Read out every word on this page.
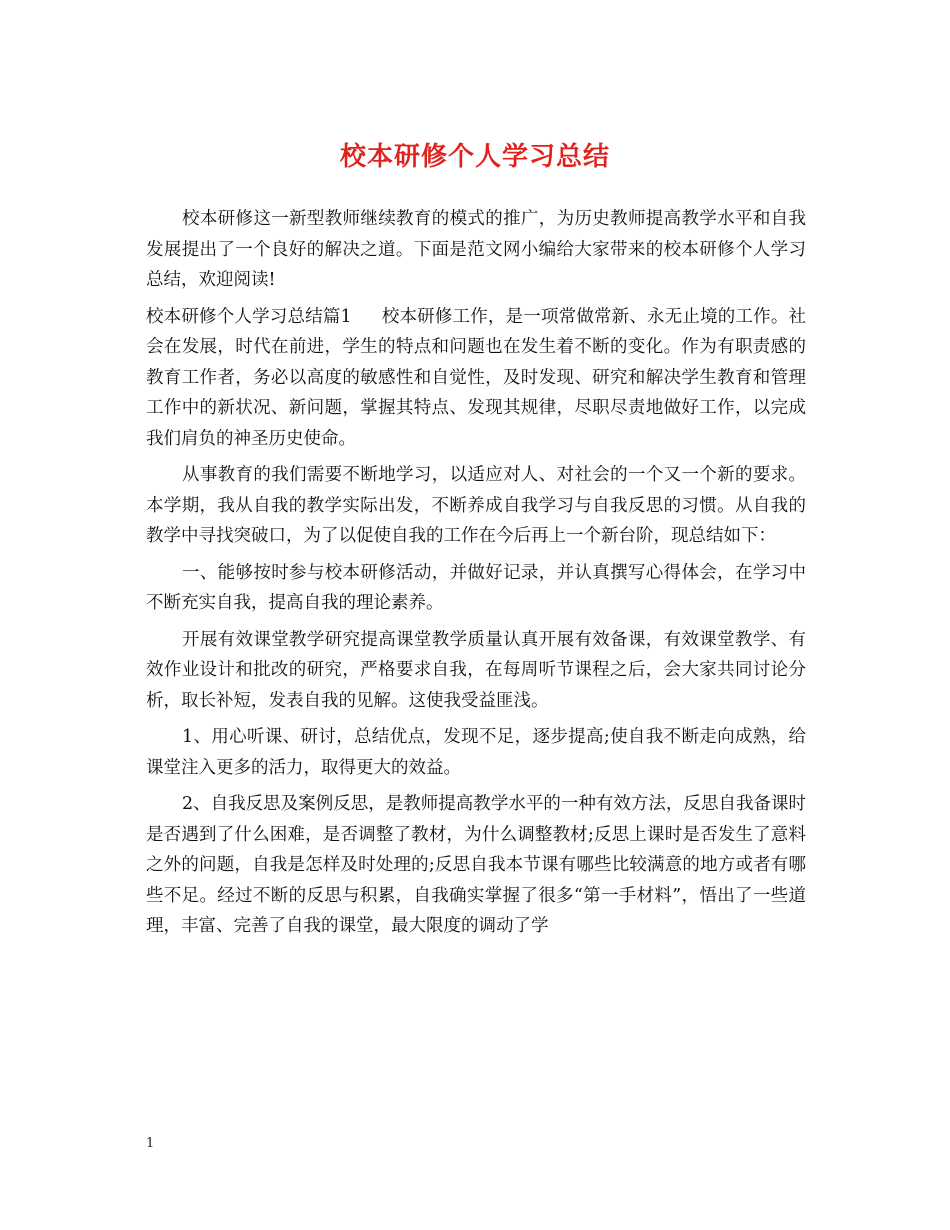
校本研修个人学习总结

校本研修这一新型教师继续教育的模式的推广，为历史教师提高教学水平和自我发展提出了一个良好的解决之道。下面是范文网小编给大家带来的校本研修个人学习总结，欢迎阅读!

校本研修个人学习总结篇1 校本研修工作，是一项常做常新、永无止境的工作。社会在发展，时代在前进，学生的特点和问题也在发生着不断的变化。作为有职责感的教育工作者，务必以高度的敏感性和自觉性，及时发现、研究和解决学生教育和管理工作中的新状况、新问题，掌握其特点、发现其规律，尽职尽责地做好工作，以完成我们肩负的神圣历史使命。

从事教育的我们需要不断地学习，以适应对人、对社会的一个又一个新的要求。本学期，我从自我的教学实际出发，不断养成自我学习与自我反思的习惯。从自我的教学中寻找突破口，为了以促使自我的工作在今后再上一个新台阶，现总结如下：

一、能够按时参与校本研修活动，并做好记录，并认真撰写心得体会，在学习中不断充实自我，提高自我的理论素养。

开展有效课堂教学研究提高课堂教学质量认真开展有效备课，有效课堂教学、有效作业设计和批改的研究，严格要求自我，在每周听节课程之后，会大家共同讨论分析，取长补短，发表自我的见解。这使我受益匪浅。

1、用心听课、研讨，总结优点，发现不足，逐步提高;使自我不断走向成熟，给课堂注入更多的活力，取得更大的效益。

2、自我反思及案例反思，是教师提高教学水平的一种有效方法，反思自我备课时是否遇到了什么困难，是否调整了教材，为什么调整教材;反思上课时是否发生了意料之外的问题，自我是怎样及时处理的;反思自我本节课有哪些比较满意的地方或者有哪些不足。经过不断的反思与积累，自我确实掌握了很多“第一手材料”，悟出了一些道理，丰富、完善了自我的课堂，最大限度的调动了学

1
